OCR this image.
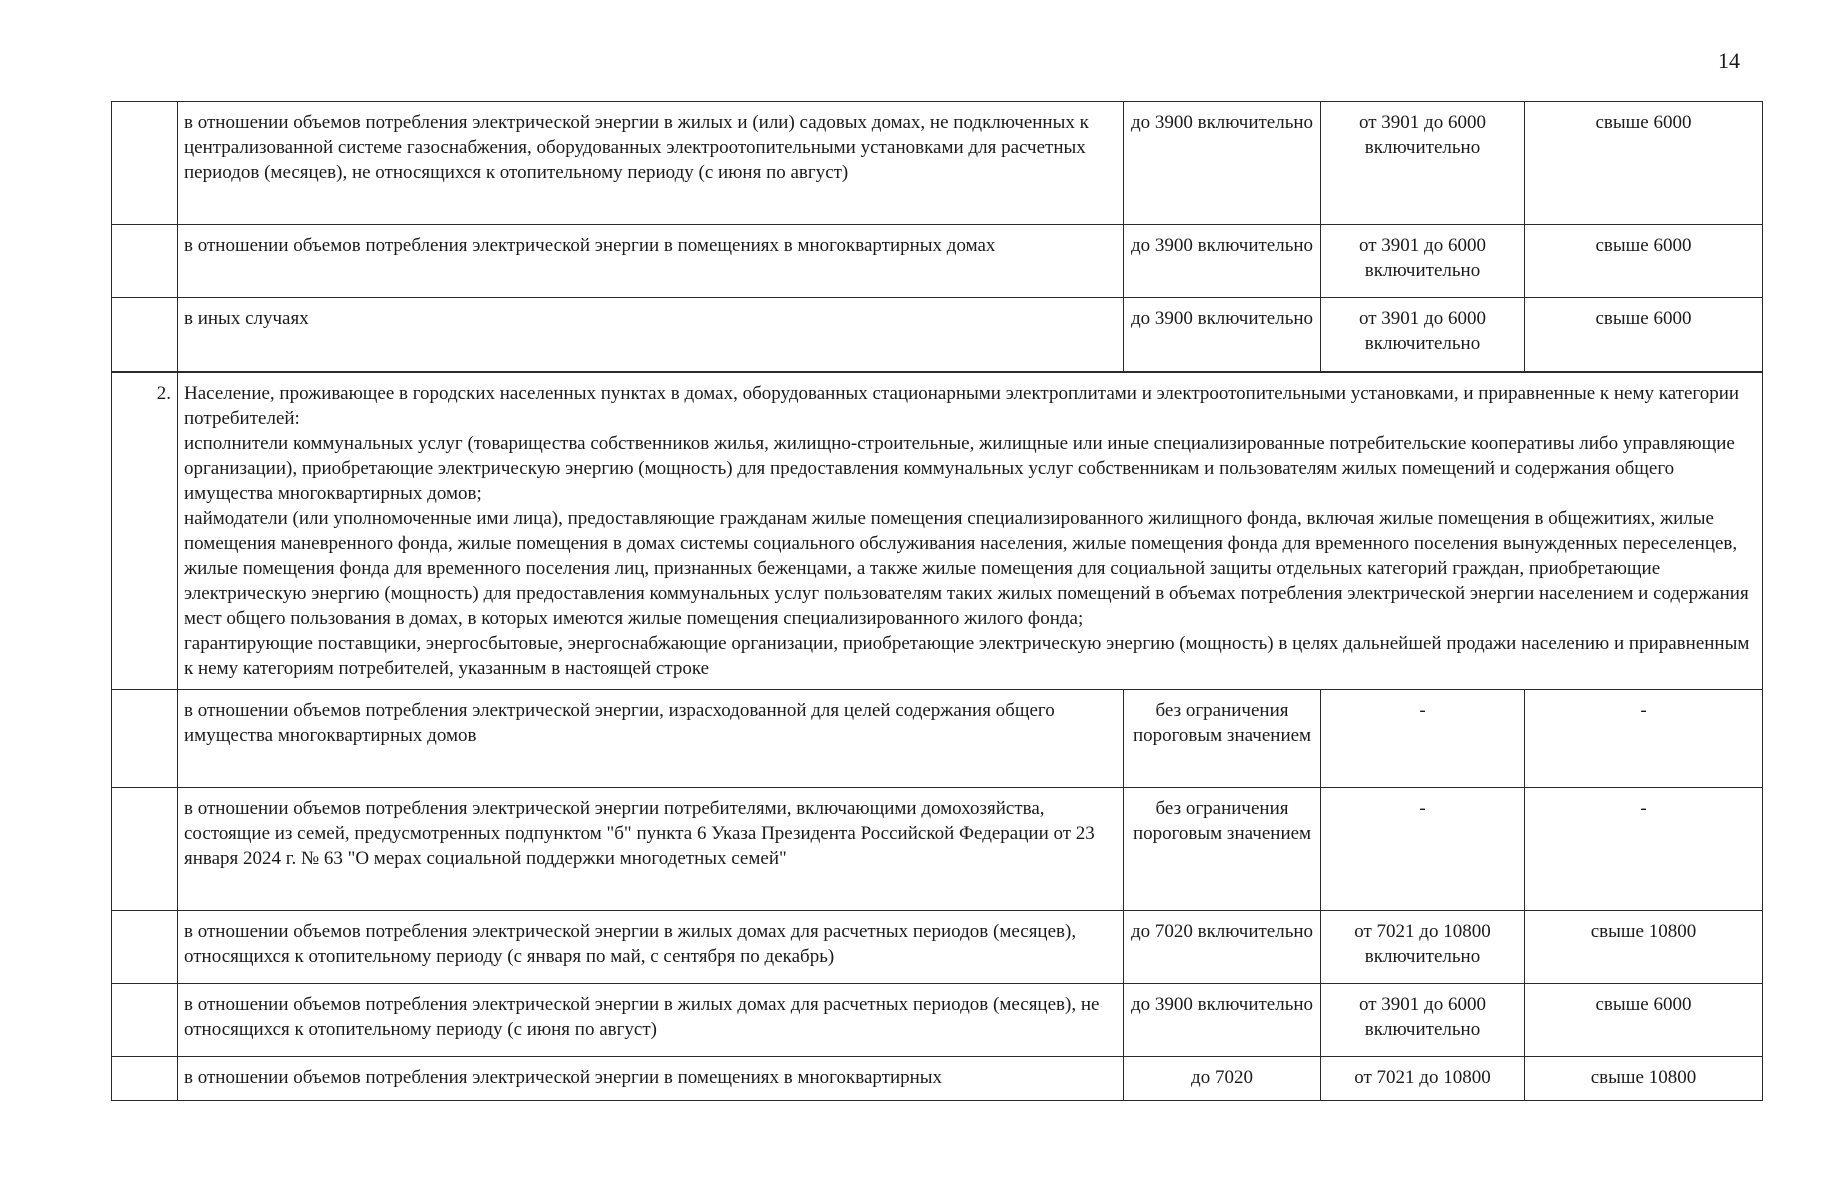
14
	в отношении объемов потребления электрической энергии в жилых и (или) садовых домах, не подключенных к централизованной системе газоснабжения, оборудованных электроотопительными установками для расчетных периодов (месяцев), не относящихся к отопительному периоду (с июня по август)	до 3900 включительно	от 3901 до 6000 включительно	свыше 6000
	в отношении объемов потребления электрической энергии в помещениях в многоквартирных домах	до 3900 включительно	от 3901 до 6000 включительно	свыше 6000
	в иных случаях	до 3900 включительно	от 3901 до 6000 включительно	свыше 6000
2.	Население, проживающее в городских населенных пунктах в домах, оборудованных стационарными электроплитами и электроотопительными установками, и приравненные к нему категории потребителей:

исполнители коммунальных услуг (товарищества собственников жилья, жилищно-строительные, жилищные или иные специализированные потребительские кооперативы либо управляющие организации), приобретающие электрическую энергию (мощность) для предоставления коммунальных услуг собственникам и пользователям жилых помещений и содержания общего имущества многоквартирных домов;

наймодатели (или уполномоченные ими лица), предоставляющие гражданам жилые помещения специализированного жилищного фонда, включая жилые помещения в общежитиях, жилые помещения маневренного фонда, жилые помещения в домах системы социального обслуживания населения, жилые помещения фонда для временного поселения вынужденных переселенцев, жилые помещения фонда для временного поселения лиц, признанных беженцами, а также жилые помещения для социальной защиты отдельных категорий граждан, приобретающие электрическую энергию (мощность) для предоставления коммунальных услуг пользователям таких жилых помещений в объемах потребления электрической энергии населением и содержания мест общего пользования в домах, в которых имеются жилые помещения специализированного жилого фонда;

гарантирующие поставщики, энергосбытовые, энергоснабжающие организации, приобретающие электрическую энергию (мощность) в целях дальнейшей продажи населению и приравненным к нему категориям потребителей, указанным в настоящей строке			

	в отношении объемов потребления электрической энергии, израсходованной для целей содержания общего имущества многоквартирных домов	без ограничения пороговым значением	-	-
	в отношении объемов потребления электрической энергии потребителями, включающими домохозяйства, состоящие из семей, предусмотренных подпунктом "б" пункта 6 Указа Президента Российской Федерации от 23 января 2024 г. № 63 "О мерах социальной поддержки многодетных семей"	без ограничения пороговым значением	-	-
	в отношении объемов потребления электрической энергии в жилых домах для расчетных периодов (месяцев), относящихся к отопительному периоду (с января по май, с сентября по декабрь)	до 7020 включительно	от 7021 до 10800 включительно	свыше 10800
	в отношении объемов потребления электрической энергии в жилых домах для расчетных периодов (месяцев), не относящихся к отопительному периоду (с июня по август)	до 3900 включительно	от 3901 до 6000 включительно	свыше 6000
	в отношении объемов потребления электрической энергии в помещениях в многоквартирных	до 7020	от 7021 до 10800	свыше 10800
